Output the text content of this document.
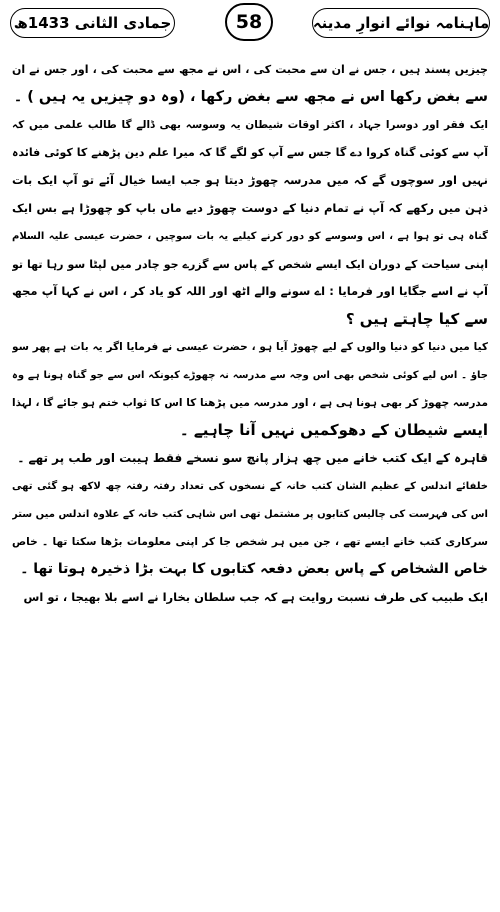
جمادی الثانی 1433ھ	58	ماہنامہ نوائے انوارِ مدینہ
چیزیں پسند ہیں ، جس نے ان سے محبت کی ، اس نے مجھ سے محبت کی ، اور جس نے ان
سے بغض رکھا اس نے مجھ سے بغض رکھا ، (وہ دو چیزیں یہ ہیں ) ۔
ایک فقر اور دوسرا جہاد ، اکثر اوقات شیطان یہ وسوسہ بھی ڈالے گا طالب علمی میں کہ
آپ سے کوئی گناہ کروا دے گا جس سے آپ کو لگے گا کہ میرا علم دین پڑھنے کا کوئی فائدہ
نہیں اور سوچوں گے کہ میں مدرسہ چھوڑ دیتا ہو جب ایسا خیال آئے تو آپ ایک بات
ذہن میں رکھے کہ آپ نے تمام دنیا کے دوست چھوڑ دیے ماں باپ کو چھوڑا ہے بس ایک
گناہ ہی تو ہوا ہے ، اس وسوسے کو دور کرنے کیلیے یہ بات سوچیں ، حضرت عیسی علیہ السلام
اپنی سیاحت کے دوران ایک ایسے شخص کے پاس سے گزرے جو چادر میں لپٹا سو رہا تھا تو
آپ نے اسے جگایا اور فرمایا : اے سونے والے اٹھ اور اللہ کو یاد کر ، اس نے کہا آپ مجھ
سے کیا چاہتے ہیں ؟
کیا میں دنیا کو دنیا والوں کے لیے چھوڑ آیا ہو ، حضرت عیسی نے فرمایا اگر یہ بات ہے پھر سو
جاؤ ۔ اس لیے کوئی شخص بھی اس وجہ سے مدرسہ نہ چھوڑے کیونکہ اس سے جو گناہ ہونا ہے وہ
مدرسہ چھوڑ کر بھی ہونا ہی ہے ، اور مدرسہ میں پڑھنا کا اس کا ثواب ختم ہو جائے گا ، لہذا
ایسے شیطان کے دھوکمیں نہیں آنا چاہیے ۔
قاہرہ کے ایک کتب خانے میں چھ ہزار پانچ سو نسخے فقط ہیبت اور طب پر تھے ۔
خلفائے اندلس کے عظیم الشان کتب خانہ کے نسخوں کی تعداد رفتہ رفتہ چھ لاکھ ہو گئی تھی
اس کی فہرست کی چالیس کتابوں پر مشتمل تھی اس شاہی کتب خانہ کے علاوہ اندلس میں ستر
سرکاری کتب خانے ایسے تھے ، جن میں ہر شخص جا کر اپنی معلومات بڑھا سکتا تھا ۔ خاص
خاص الشخاص کے پاس بعض دفعہ کتابوں کا بہت بڑا ذخیرہ ہوتا تھا ۔
ایک طبیب کی طرف نسبت روایت ہے کہ جب سلطان بخارا نے اسے بلا بھیجا ، تو اس
